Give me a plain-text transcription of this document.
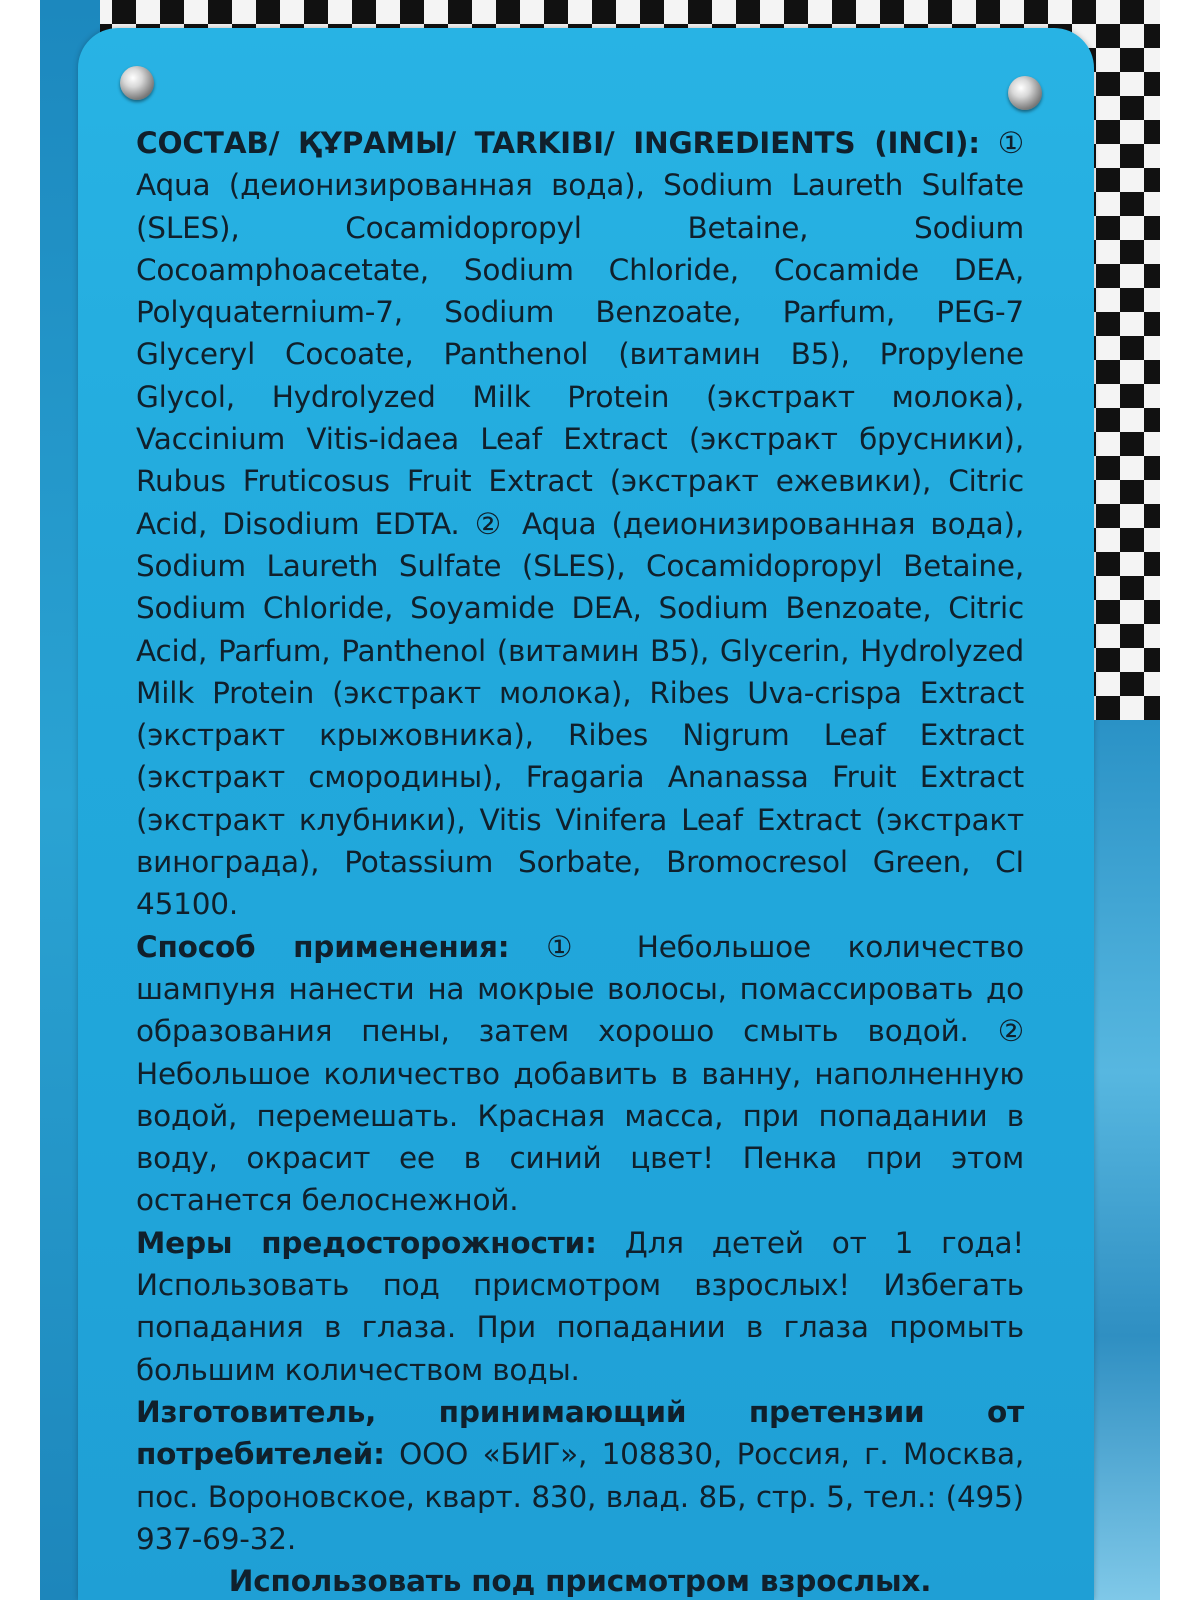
СОСТАВ/ ҚҰРАМЫ/ TARKIBI/ INGREDIENTS (INCI): ① Aqua (деионизированная вода), Sodium Laureth Sulfate (SLES), Cocamidopropyl Betaine, Sodium Cocoamphoacetate, Sodium Chloride, Cocamide DEA, Polyquaternium-7, Sodium Benzoate, Parfum, PEG-7 Glyceryl Cocoate, Panthenol (витамин B5), Propylene Glycol, Hydrolyzed Milk Protein (экстракт молока), Vaccinium Vitis-idaea Leaf Extract (экстракт брусники), Rubus Fruticosus Fruit Extract (экстракт ежевики), Citric Acid, Disodium EDTA. ② Aqua (деионизированная вода), Sodium Laureth Sulfate (SLES), Cocamidopropyl Betaine, Sodium Chloride, Soyamide DEA, Sodium Benzoate, Citric Acid, Parfum, Panthenol (витамин B5), Glycerin, Hydrolyzed Milk Protein (экстракт молока), Ribes Uva-crispa Extract (экстракт крыжовника), Ribes Nigrum Leaf Extract (экстракт смородины), Fragaria Ananassa Fruit Extract (экстракт клубники), Vitis Vinifera Leaf Extract (экстракт винограда), Potassium Sorbate, Bromocresol Green, CI 45100.

Способ применения: ① Небольшое количество шампуня нанести на мокрые волосы, помассировать до образования пены, затем хорошо смыть водой. ② Небольшое количество добавить в ванну, наполненную водой, перемешать. Красная масса, при попадании в воду, окрасит ее в синий цвет! Пенка при этом останется белоснежной.

Меры предосторожности: Для детей от 1 года! Использовать под присмотром взрослых! Избегать попадания в глаза. При попадании в глаза промыть большим количеством воды.

Изготовитель, принимающий претензии от потребителей: ООО «БИГ», 108830, Россия, г. Москва, пос. Вороновское, кварт. 830, влад. 8Б, стр. 5, тел.: (495) 937-69-32.

Использовать под присмотром взрослых.
